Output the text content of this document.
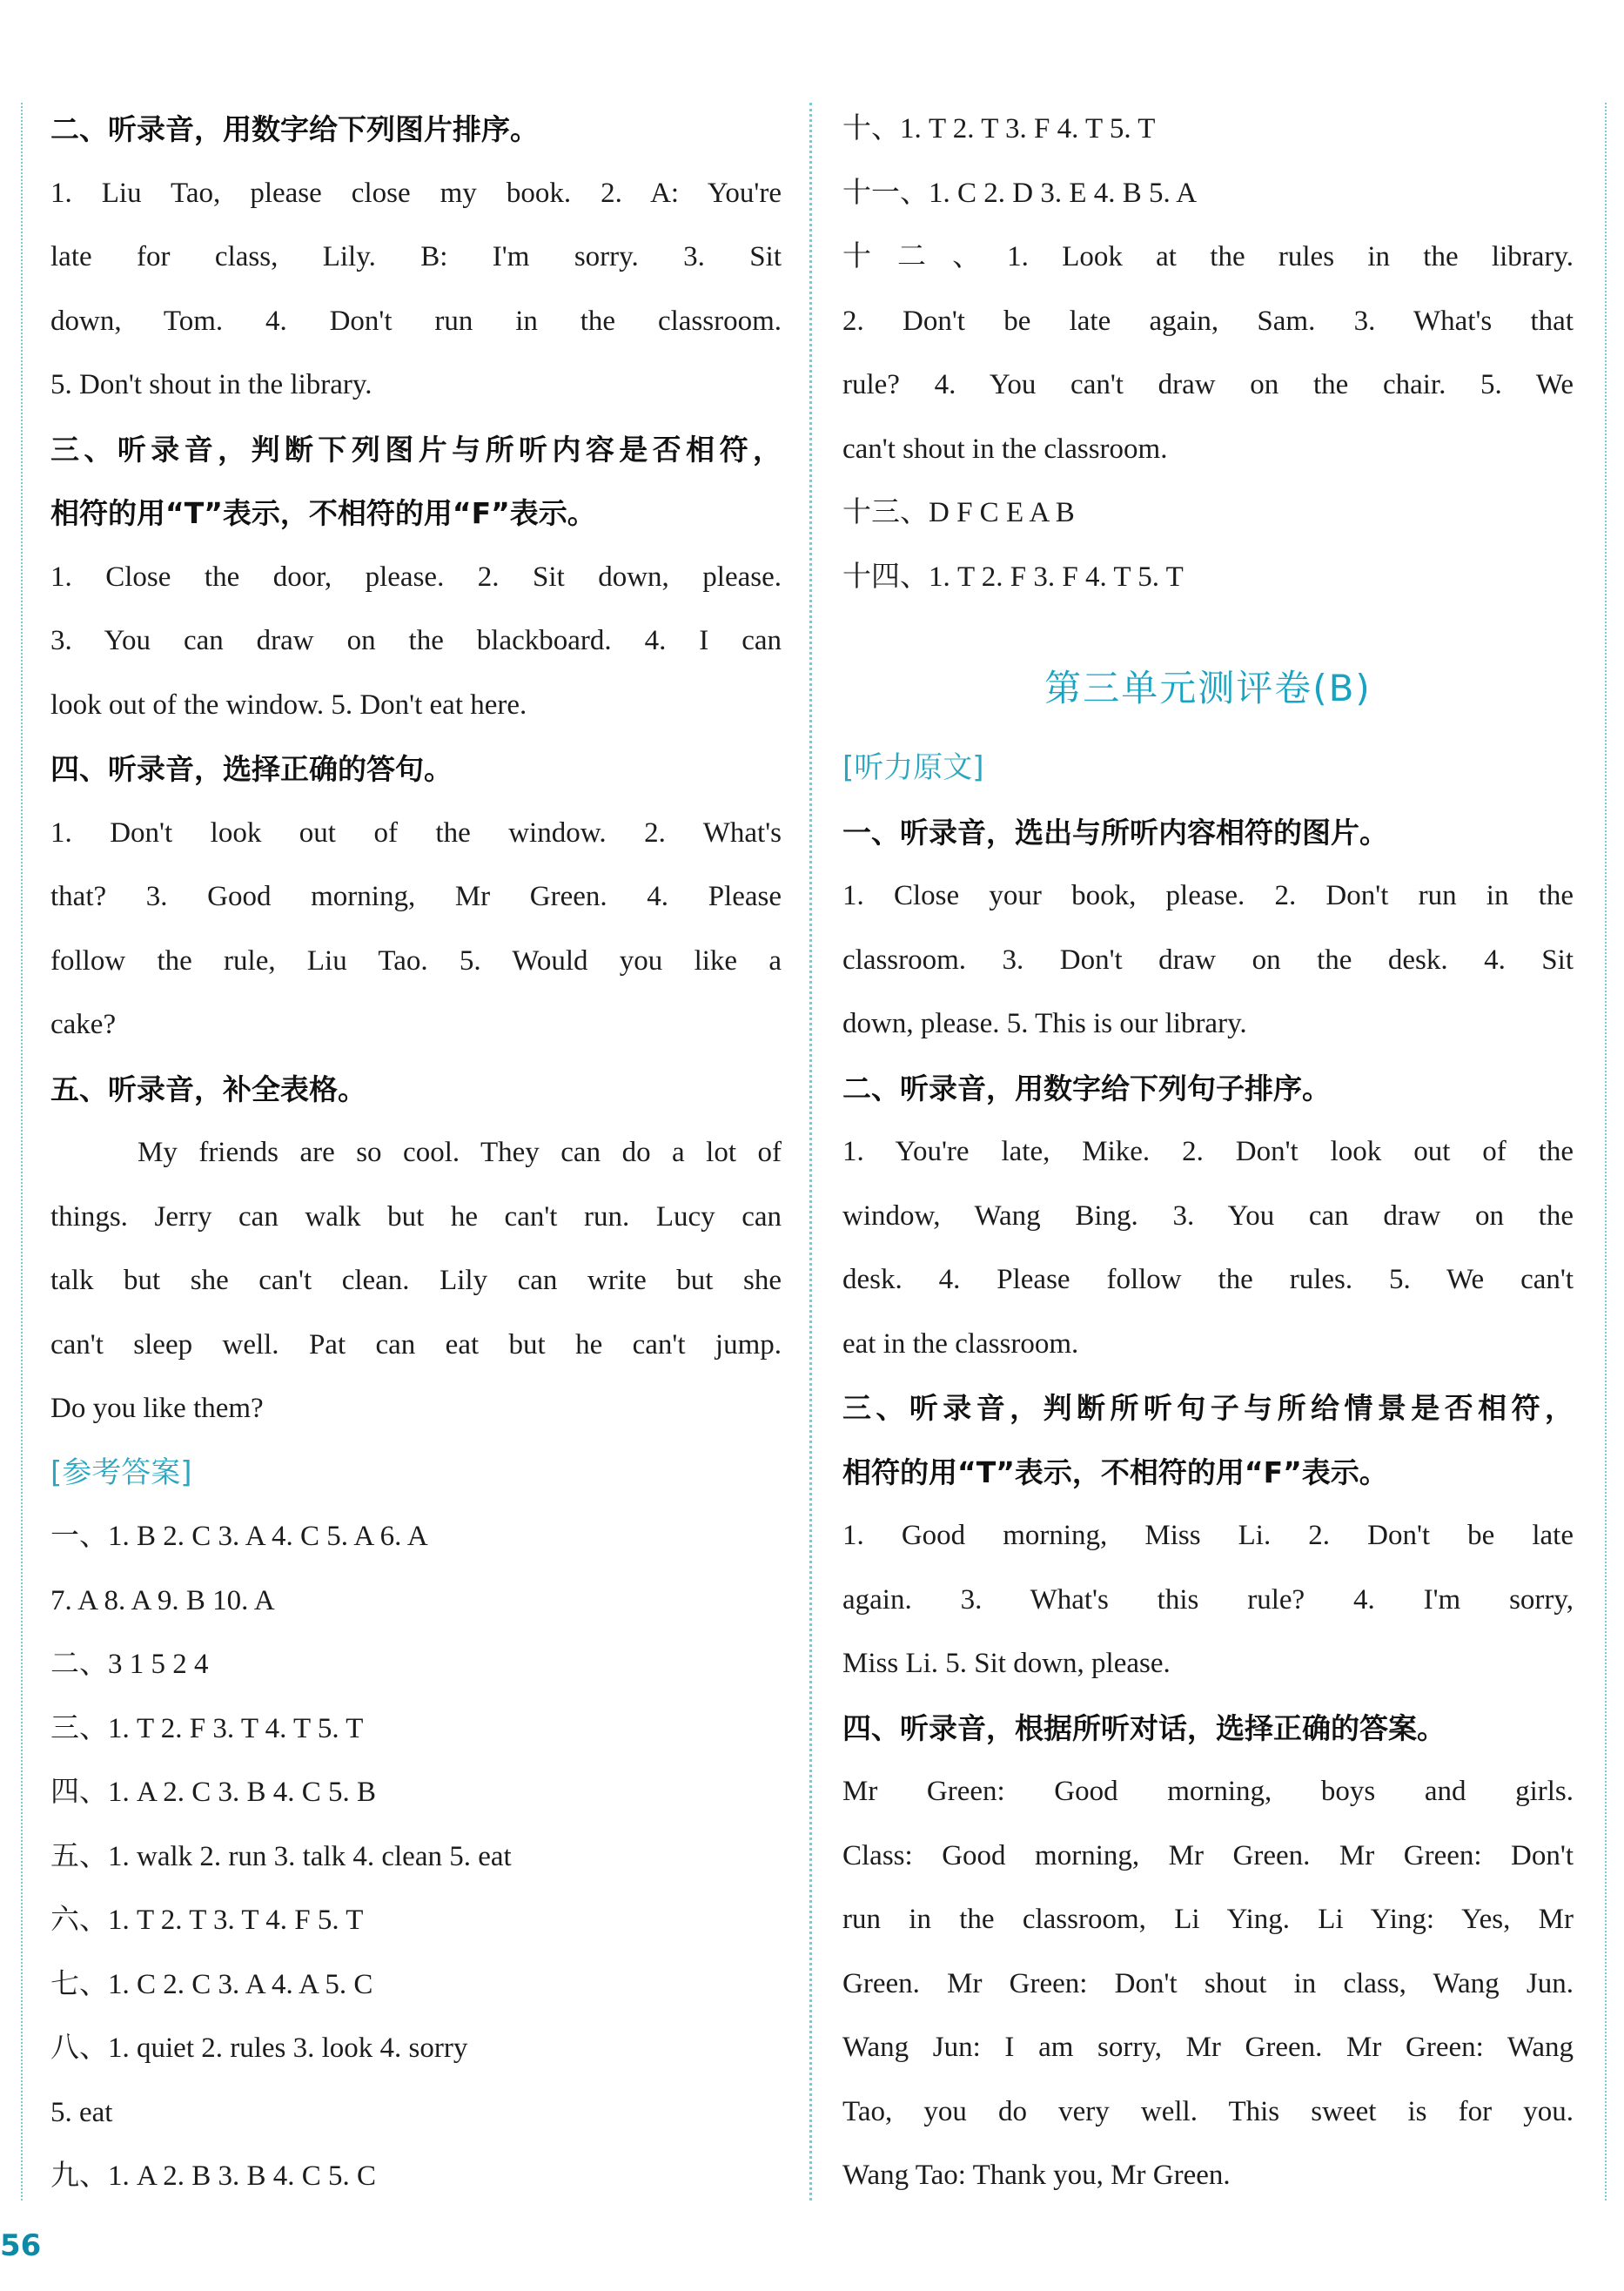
二、听录音，用数字给下列图片排序。
1. Liu Tao, please close my book. 2. A: You're
late for class, Lily. B: I'm sorry. 3. Sit
down, Tom. 4. Don't run in the classroom.
5. Don't shout in the library.
三、听录音，判断下列图片与所听内容是否相符，
相符的用“T”表示，不相符的用“F”表示。
1. Close the door, please. 2. Sit down, please.
3. You can draw on the blackboard. 4. I can
look out of the window. 5. Don't eat here.
四、听录音，选择正确的答句。
1. Don't look out of the window. 2. What's
that? 3. Good morning, Mr Green. 4. Please
follow the rule, Liu Tao. 5. Would you like a
cake?
五、听录音，补全表格。
My friends are so cool. They can do a lot of
things. Jerry can walk but he can't run. Lucy can
talk but she can't clean. Lily can write but she
can't sleep well. Pat can eat but he can't jump.
Do you like them?
[参考答案]
一、1. B 2. C 3. A 4. C 5. A 6. A
7. A 8. A 9. B 10. A
二、3 1 5 2 4
三、1. T 2. F 3. T 4. T 5. T
四、1. A 2. C 3. B 4. C 5. B
五、1. walk 2. run 3. talk 4. clean 5. eat
六、1. T 2. T 3. T 4. F 5. T
七、1. C 2. C 3. A 4. A 5. C
八、1. quiet 2. rules 3. look 4. sorry
5. eat
九、1. A 2. B 3. B 4. C 5. C
十、1. T 2. T 3. F 4. T 5. T
十一、1. C 2. D 3. E 4. B 5. A
十二、1. Look at the rules in the library.
2. Don't be late again, Sam. 3. What's that
rule? 4. You can't draw on the chair. 5. We
can't shout in the classroom.
十三、D F C E A B
十四、1. T 2. F 3. F 4. T 5. T
第三单元测评卷(B)
[听力原文]
一、听录音，选出与所听内容相符的图片。
1. Close your book, please. 2. Don't run in the
classroom. 3. Don't draw on the desk. 4. Sit
down, please. 5. This is our library.
二、听录音，用数字给下列句子排序。
1. You're late, Mike. 2. Don't look out of the
window, Wang Bing. 3. You can draw on the
desk. 4. Please follow the rules. 5. We can't
eat in the classroom.
三、听录音，判断所听句子与所给情景是否相符，
相符的用“T”表示，不相符的用“F”表示。
1. Good morning, Miss Li. 2. Don't be late
again. 3. What's this rule? 4. I'm sorry,
Miss Li. 5. Sit down, please.
四、听录音，根据所听对话，选择正确的答案。
Mr Green: Good morning, boys and girls.
Class: Good morning, Mr Green. Mr Green: Don't
run in the classroom, Li Ying. Li Ying: Yes, Mr
Green. Mr Green: Don't shout in class, Wang Jun.
Wang Jun: I am sorry, Mr Green. Mr Green: Wang
Tao, you do very well. This sweet is for you.
Wang Tao: Thank you, Mr Green.
56
